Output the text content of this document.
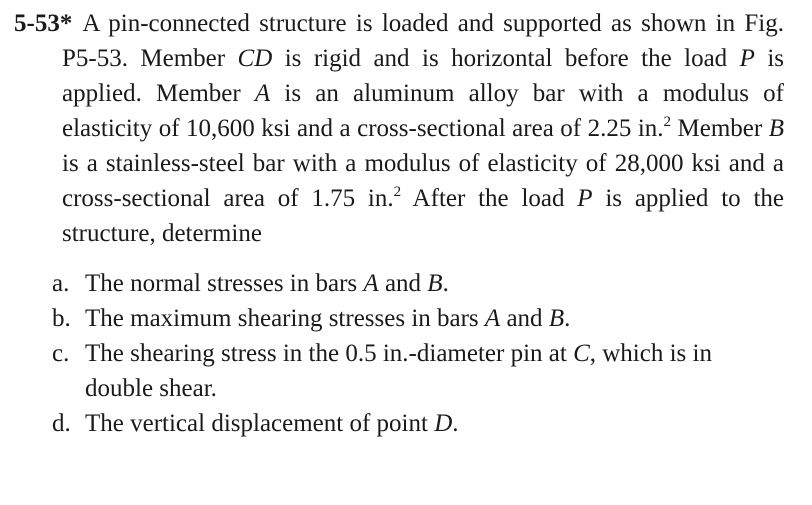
5-53* A pin-connected structure is loaded and supported as shown in Fig. P5-53. Member CD is rigid and is horizontal before the load P is applied. Member A is an aluminum alloy bar with a modulus of elasticity of 10,600 ksi and a cross-sectional area of 2.25 in.$^2$ Member B is a stainless-steel bar with a modulus of elasticity of 28,000 ksi and a cross-sectional area of 1.75 in.$^2$ After the load P is applied to the structure, determine

a. The normal stresses in bars A and B.
b. The maximum shearing stresses in bars A and B.
c. The shearing stress in the 0.5 in.-diameter pin at C, which is in double shear.
d. The vertical displacement of point D.
